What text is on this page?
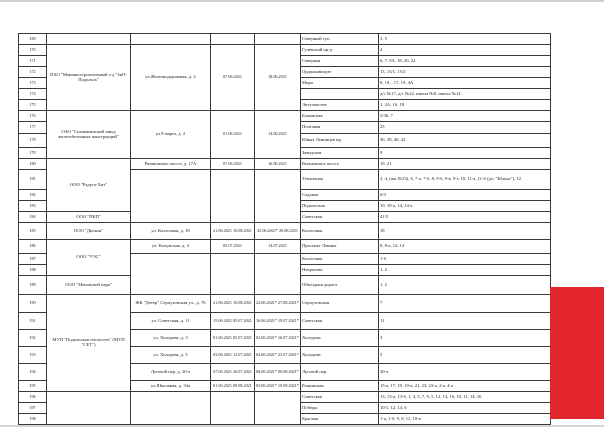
169					Северный туп.	3, 5
170	ПАО "Машиностроительный з-д "ЗиО-Подольск"	ул.Железнодорожная, д. 2	07.06.2021	18.06.2021	Гулёвский пр-д	4
171					Северная	6, 7, 9А, 18, 20, 22
172					Орджоникидзе	13, 15/1, 15/2
173					Мира	8, 10, , 17, 19, 4А
174						д/с №17, д/с №22, школа №8, школа №14
175					Энтузиастов	1, 2А, 16, 18
176	ОАО "Селикатинский завод железобетонных конструкций"	ул.8 марта, д. 2	01.06.2021	14.06.2021	Быковская	5/36, 7
177					Почтовая	25
178					Юных Ленинцев пр.	36, 38, 40, 42
179					Заводская	9
180	ООО "Радуга-Хит"	Рязановское шоссе, д. 17А	07.06.2021	16.06.2021	Рязановское шоссе	19, 21
181					Тепличная	2, 4, (шк.№33), 6, 7-а, 7-б, 8, 9-б, 9-в, 9-г, 10, 11-а, 11-б (д/с "Юлька"), 12
182					Садовая	6/3
183					Подольская	10, 10-а, 14, 14-а
184	ООО "ПКП"				Советская	41/5
185	ООО "Дискон"	ул. Колхозная, д. 18	21.06.2021 16.08.2021	25.06.2021* 20.08.2021	Колхозная	18
186	ООО "УЭС"	ул. Калужская, д. 4	05.07.2021	14.07.2021	Проспект Ленина	8, 8-а, 12, 14
187					Колхозная	1-б
188					Некрасова	1, 2
189	ООО "Меновской парк"				Объездная дорога	1, 2
190	МУП "Подольская теплосеть" (МУП "СЕТ")	ЖК "Детер" Серпуховская ул., д. 76	21.06.2021 16.08.2021	22.06.2021* 27.08.2021*	Серпуховская	7
191		ул. Советская, д. 11	15.06.2021 05.07.2021	16.06.2021* 19.07.2021*	Советская	11
192		ул. Холодова, д. 3	01.06.2021 05.07.2021	02.06.2021* 16.07.2021*	Холодова	3
193		ул. Холодова, д. 5	03.06.2021 12.07.2021	04.06.2021* 23.07.2021*	Холодова	5
194		Луговой пер. д. 20-а	07.06.2021 26.07.2021	08.06.2021* 06.08.2021*	Луговой пер.	20-а
195		ул.Школьная, д. 34а	01.06.2021 09.08.2021	03.06.2021* 19.08.2021*	Рощинская	15-а, 17, 19, 19-а, 21, 23, 23-а, 2-а, 4-а
196					Советская	13, 13-а, 13-б, 1, 3, 5, 7, 9, 5, 12, 14, 16, 10, 11, 14, 16
197					Победы	10/1, 12, 14, 6
198					Красная	1-а, 1-б, 9, 8, 11, 10-в
